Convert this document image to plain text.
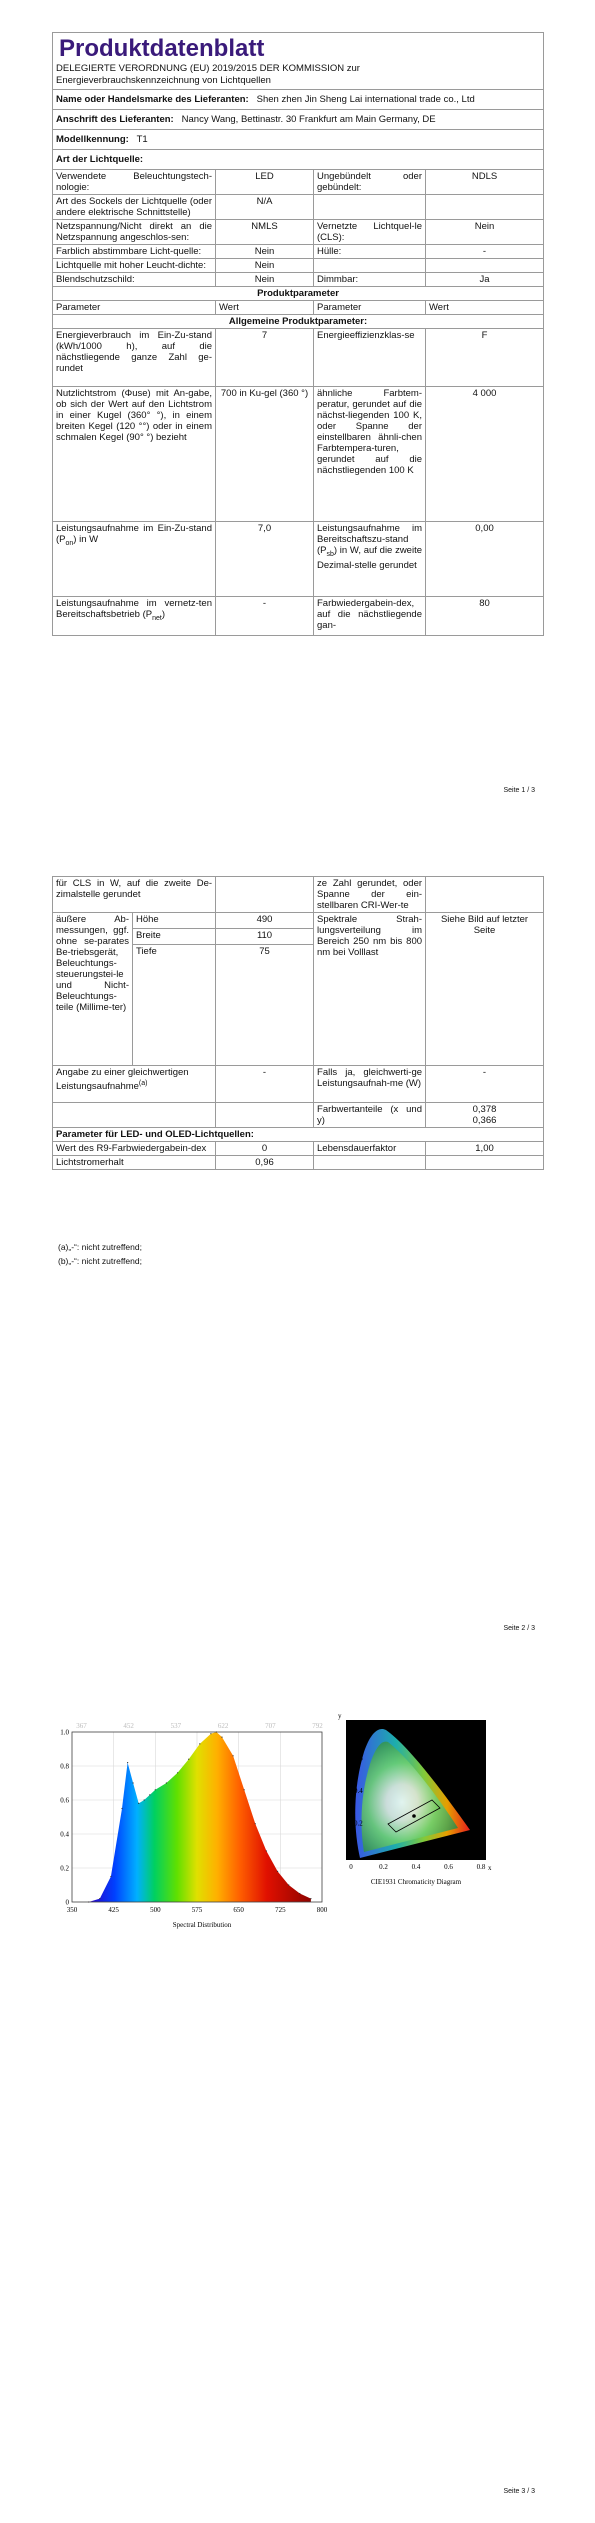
Produktdatenblatt
DELEGIERTE VERORDNUNG (EU) 2019/2015 DER KOMMISSION zur
Energieverbrauchskennzeichnung von Lichtquellen			

Name oder Handelsmarke des Lieferanten: Shen zhen Jin Sheng Lai international trade co., Ltd			
Anschrift des Lieferanten: Nancy Wang, Bettinastr. 30 Frankfurt am Main Germany, DE			
Modellkennung: T1			
Art der Lichtquelle:			
Verwendete Beleuchtungstech-nologie:	LED	Ungebündelt oder gebündelt:	NDLS
Art des Sockels der Lichtquelle (oder andere elektrische Schnittstelle)	N/A		
Netzspannung/Nicht direkt an die Netzspannung angeschlos-sen:	NMLS	Vernetzte Lichtquel-le (CLS):	Nein
Farblich abstimmbare Licht-quelle:	Nein	Hülle:	-
Lichtquelle mit hoher Leucht-dichte:	Nein		
Blendschutzschild:	Nein	Dimmbar:	Ja
Produktparameter			
Parameter	Wert	Parameter	Wert
Allgemeine Produktparameter:			
Energieverbrauch im Ein-Zu-stand (kWh/1000 h), auf die nächstliegende ganze Zahl ge-rundet	7	Energieeffizienzklas-se	F
Nutzlichtstrom (Φuse) mit An-gabe, ob sich der Wert auf den Lichtstrom in einer Kugel (360° °), in einem breiten Kegel (120 °°) oder in einem schmalen Kegel (90° °) bezieht	700 in Ku-gel (360 °)	ähnliche Farbtem-peratur, gerundet auf die nächst-liegenden 100 K, oder Spanne der einstellbaren ähnli-chen Farbtempera-turen, gerundet auf die nächstliegenden 100 K	4 000
Leistungsaufnahme im Ein-Zu-stand $(P_{on})$ in W	7,0	Leistungsaufnahme im Bereitschaftszu-stand $(P_{sb})$ in W, auf die zweite Dezimal-stelle gerundet	0,00
Leistungsaufnahme im vernetz-ten Bereitschaftsbetrieb $(P_{net})$	-	Farbwiedergabein-dex, auf die nächstliegende gan-	80
Seite 1 / 3
für CLS in W, auf die zweite De-zimalstelle gerundet			ze Zahl gerundet, oder Spanne der ein-stellbaren CRI-Wer-te	
äußere Ab-messungen, ggf. ohne se-parates Be-triebsgerät, Beleuchtungs-steuerungstei-le und Nicht-Beleuchtungs-teile (Millime-ter)	Höhe	490	Spektrale Strah-lungsverteilung im Bereich 250 nm bis 800 nm bei Volllast	Siehe Bild auf letzter Seite
	Breite	110		
	Tiefe	75		
Angabe zu einer gleichwertigen Leistungsaufnahme$^{(a)}$		-	Falls ja, gleichwerti-ge Leistungsaufnah-me (W)	-
			Farbwertanteile (x und y)	0,378
0,366

Parameter für LED- und OLED-Lichtquellen:				
Wert des R9-Farbwiedergabein-dex		0	Lebensdauerfaktor	1,00
Lichtstromerhalt		0,96		
(a)„-“: nicht zutreffend;
(b)„-“: nicht zutreffend;
Seite 2 / 3
350	425	500	575	650	725	800
0
0.2
0.4
0.6
0.8
1.0
367	452	537	622	707	792
Spectral Distribution
0	0.2	0.4	0.6	0.8
0
0.2
0.4
0.6
0.8
x
y
CIE1931 Chromaticity Diagram
Seite 3 / 3
